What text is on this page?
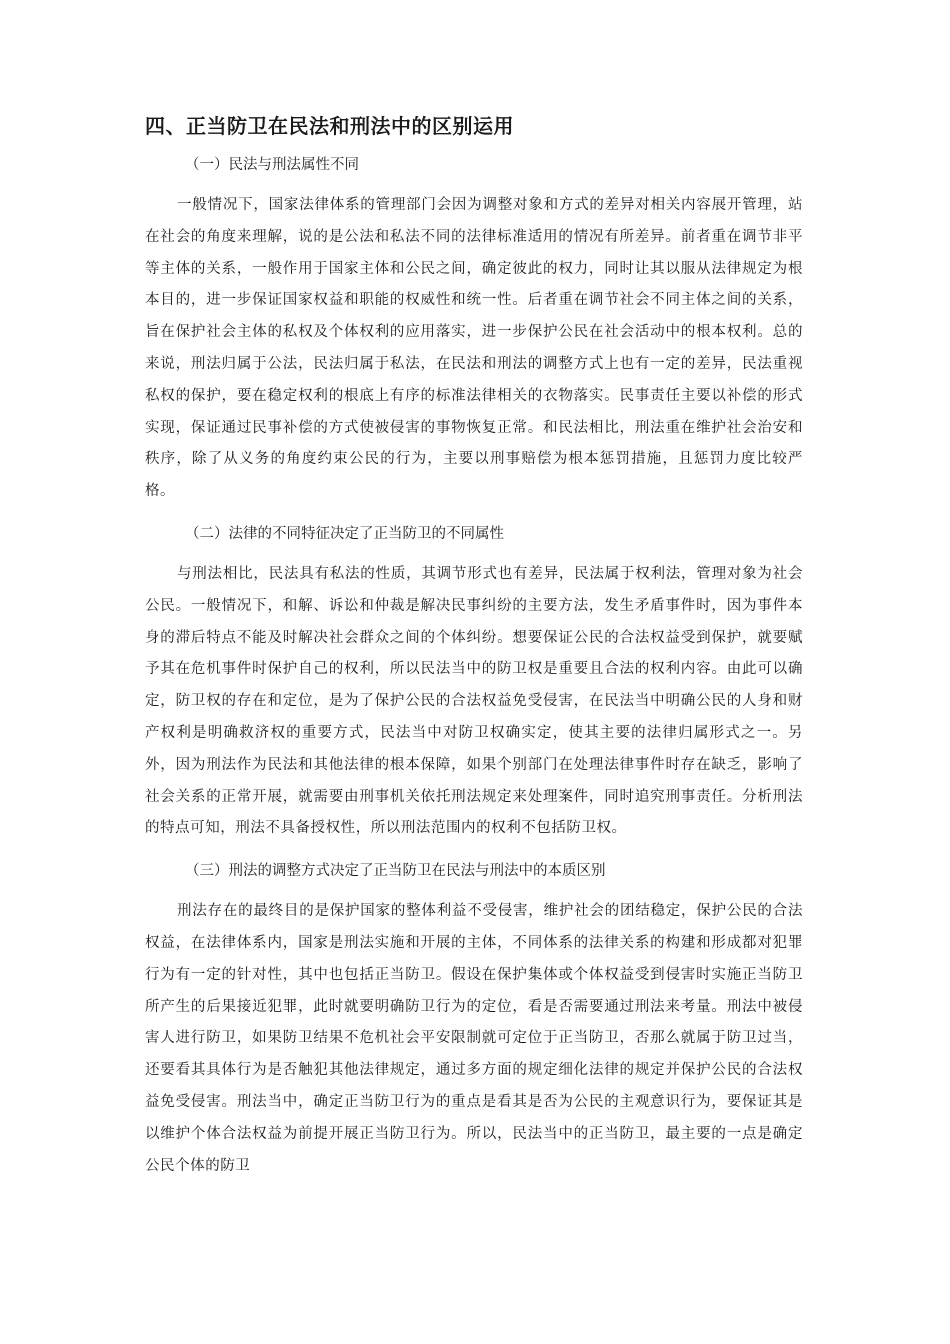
四、正当防卫在民法和刑法中的区别运用

（一）民法与刑法属性不同

一般情况下，国家法律体系的管理部门会因为调整对象和方式的差异对相关内容展开管理，站在社会的角度来理解，说的是公法和私法不同的法律标准适用的情况有所差异。前者重在调节非平等主体的关系，一般作用于国家主体和公民之间，确定彼此的权力，同时让其以服从法律规定为根本目的，进一步保证国家权益和职能的权威性和统一性。后者重在调节社会不同主体之间的关系，旨在保护社会主体的私权及个体权利的应用落实，进一步保护公民在社会活动中的根本权利。总的来说，刑法归属于公法，民法归属于私法，在民法和刑法的调整方式上也有一定的差异，民法重视私权的保护，要在稳定权利的根底上有序的标准法律相关的衣物落实。民事责任主要以补偿的形式实现，保证通过民事补偿的方式使被侵害的事物恢复正常。和民法相比，刑法重在维护社会治安和秩序，除了从义务的角度约束公民的行为，主要以刑事赔偿为根本惩罚措施，且惩罚力度比较严格。

（二）法律的不同特征决定了正当防卫的不同属性

与刑法相比，民法具有私法的性质，其调节形式也有差异，民法属于权利法，管理对象为社会公民。一般情况下，和解、诉讼和仲裁是解决民事纠纷的主要方法，发生矛盾事件时，因为事件本身的滞后特点不能及时解决社会群众之间的个体纠纷。想要保证公民的合法权益受到保护，就要赋予其在危机事件时保护自己的权利，所以民法当中的防卫权是重要且合法的权利内容。由此可以确定，防卫权的存在和定位，是为了保护公民的合法权益免受侵害，在民法当中明确公民的人身和财产权利是明确救济权的重要方式，民法当中对防卫权确实定，使其主要的法律归属形式之一。另外，因为刑法作为民法和其他法律的根本保障，如果个别部门在处理法律事件时存在缺乏，影响了社会关系的正常开展，就需要由刑事机关依托刑法规定来处理案件，同时追究刑事责任。分析刑法的特点可知，刑法不具备授权性，所以刑法范围内的权利不包括防卫权。

（三）刑法的调整方式决定了正当防卫在民法与刑法中的本质区别

刑法存在的最终目的是保护国家的整体利益不受侵害，维护社会的团结稳定，保护公民的合法权益，在法律体系内，国家是刑法实施和开展的主体，不同体系的法律关系的构建和形成都对犯罪行为有一定的针对性，其中也包括正当防卫。假设在保护集体或个体权益受到侵害时实施正当防卫所产生的后果接近犯罪，此时就要明确防卫行为的定位，看是否需要通过刑法来考量。刑法中被侵害人进行防卫，如果防卫结果不危机社会平安限制就可定位于正当防卫，否那么就属于防卫过当，还要看其具体行为是否触犯其他法律规定，通过多方面的规定细化法律的规定并保护公民的合法权益免受侵害。刑法当中，确定正当防卫行为的重点是看其是否为公民的主观意识行为，要保证其是以维护个体合法权益为前提开展正当防卫行为。所以，民法当中的正当防卫，最主要的一点是确定公民个体的防卫
